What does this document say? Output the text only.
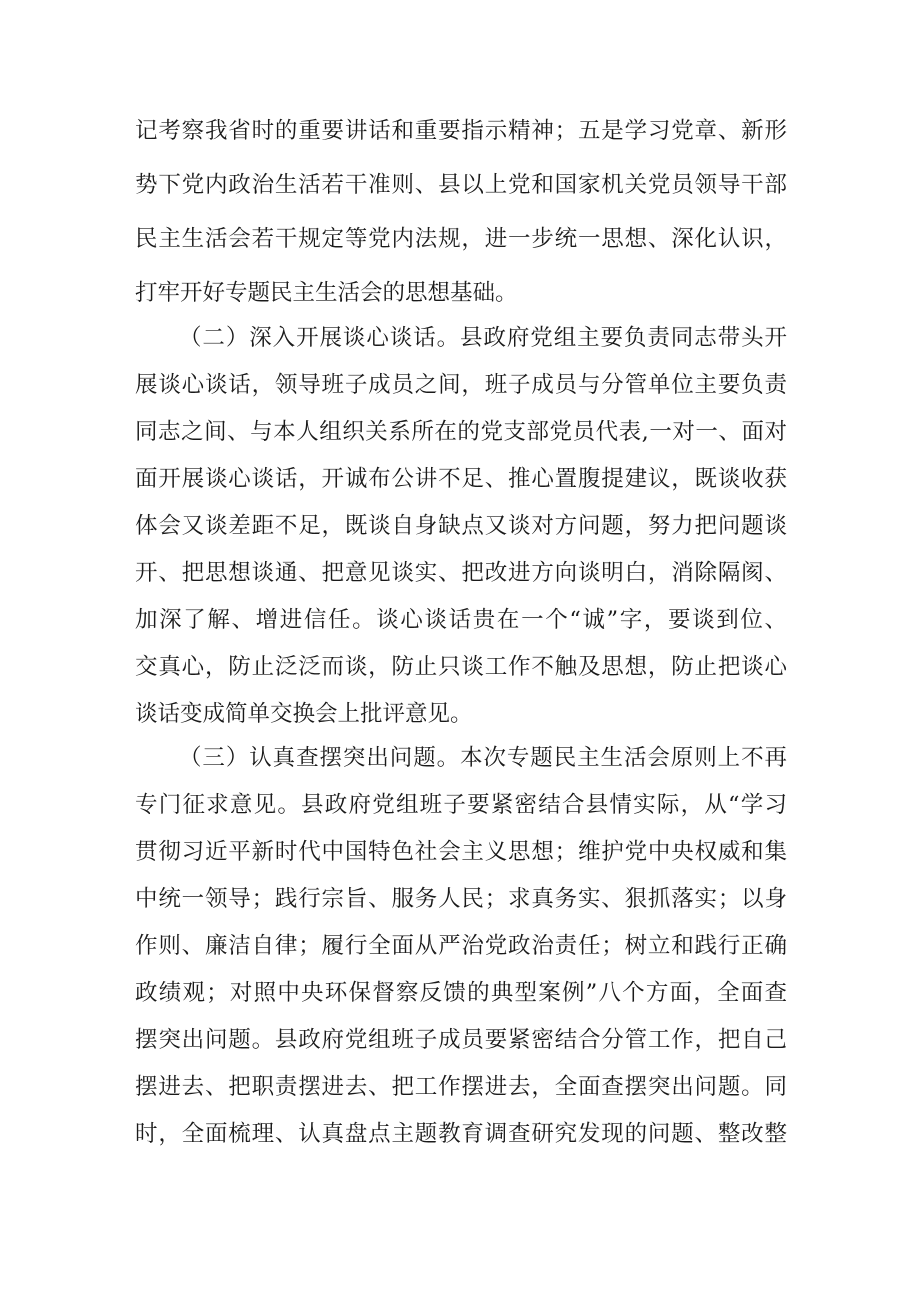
记考察我省时的重要讲话和重要指示精神；五是学习党章、新形
势下党内政治生活若干准则、县以上党和国家机关党员领导干部
民主生活会若干规定等党内法规，进一步统一思想、深化认识，
打牢开好专题民主生活会的思想基础。
（二）深入开展谈心谈话。县政府党组主要负责同志带头开
展谈心谈话，领导班子成员之间，班子成员与分管单位主要负责
同志之间、与本人组织关系所在的党支部党员代表,一对一、面对
面开展谈心谈话，开诚布公讲不足、推心置腹提建议，既谈收获
体会又谈差距不足，既谈自身缺点又谈对方问题，努力把问题谈
开、把思想谈通、把意见谈实、把改进方向谈明白，消除隔阂、
加深了解、增进信任。谈心谈话贵在一个“诚”字，要谈到位、
交真心，防止泛泛而谈，防止只谈工作不触及思想，防止把谈心
谈话变成简单交换会上批评意见。
（三）认真查摆突出问题。本次专题民主生活会原则上不再
专门征求意见。县政府党组班子要紧密结合县情实际，从“学习
贯彻习近平新时代中国特色社会主义思想；维护党中央权威和集
中统一领导；践行宗旨、服务人民；求真务实、狠抓落实；以身
作则、廉洁自律；履行全面从严治党政治责任；树立和践行正确
政绩观；对照中央环保督察反馈的典型案例”八个方面，全面查
摆突出问题。县政府党组班子成员要紧密结合分管工作，把自己
摆进去、把职责摆进去、把工作摆进去，全面查摆突出问题。同
时，全面梳理、认真盘点主题教育调查研究发现的问题、整改整
